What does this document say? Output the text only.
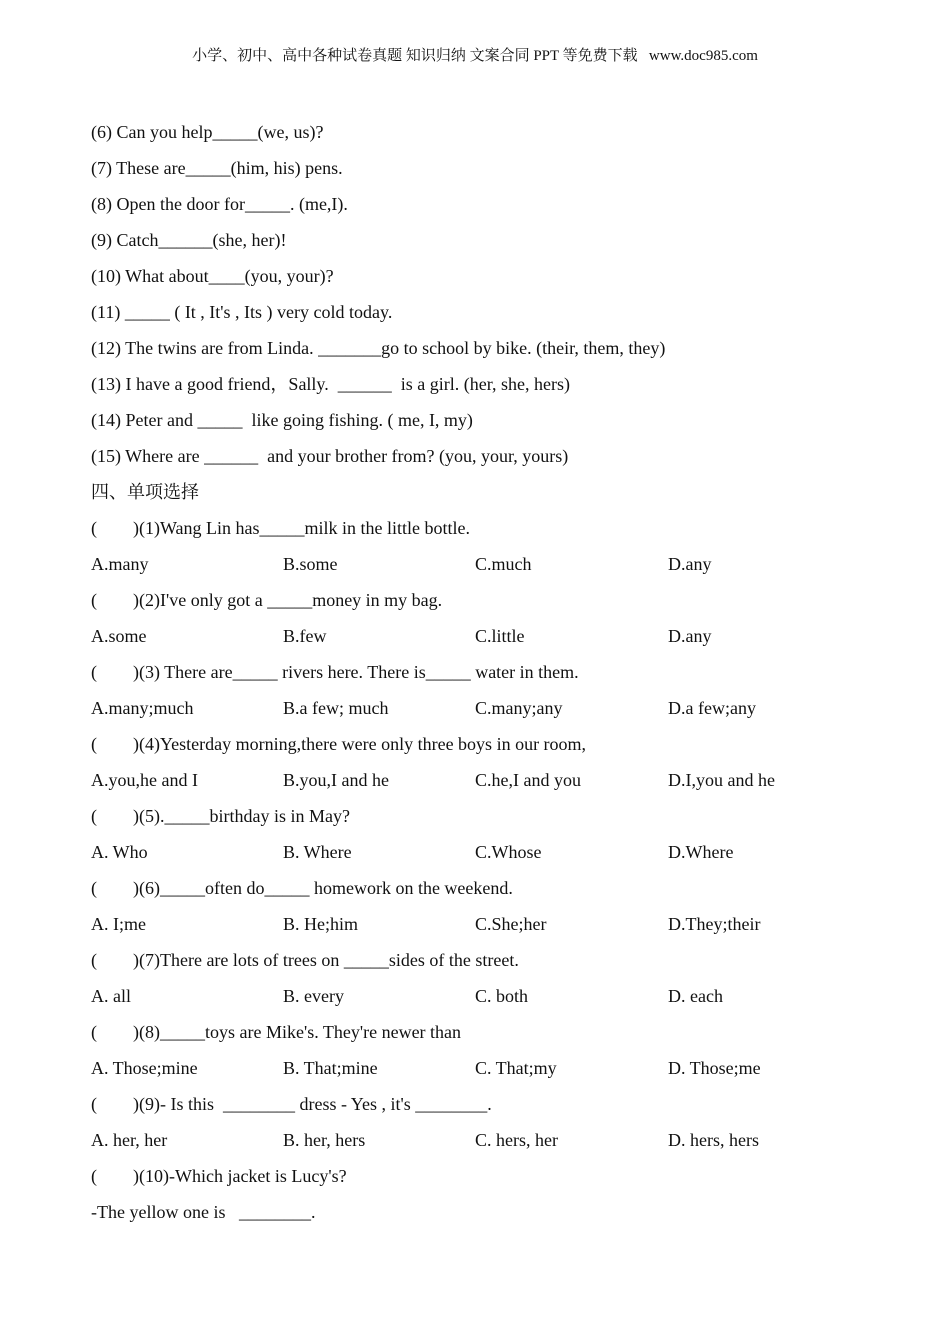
小学、初中、高中各种试卷真题 知识归纳 文案合同 PPT 等免费下载   www.doc985.com
(6) Can you help_____(we, us)?
(7) These are_____(him, his) pens.
(8) Open the door for_____. (me,I).
(9) Catch______(she, her)!
(10) What about____(you, your)?
(11) _____ ( It , It's , Its ) very cold today.
(12) The twins are from Linda. _______go to school by bike. (their, them, they)
(13) I have a good friend，Sally.  ______  is a girl. (her, she, hers)
(14) Peter and _____  like going fishing. ( me, I, my)
(15) Where are ______  and your brother from? (you, your, yours)
四、单项选择
(        )(1)Wang Lin has_____milk in the little bottle.
A.many	B.some	C.much	D.any
(        )(2)I've only got a _____money in my bag.
A.some	B.few	C.little	D.any
(        )(3) There are_____ rivers here. There is_____ water in them.
A.many;much	B.a few; much	C.many;any	D.a few;any
(        )(4)Yesterday morning,there were only three boys in our room,
A.you,he and I	B.you,I and he	C.he,I and you	D.I,you and he
(        )(5)._____birthday is in May?
A. Who	B. Where	C.Whose	D.Where
(        )(6)_____often do_____ homework on the weekend.
A. I;me	B. He;him	C.She;her	D.They;their
(        )(7)There are lots of trees on _____sides of the street.
A. all	B. every	C. both	D. each
(        )(8)_____toys are Mike's. They're newer than
A. Those;mine	B. That;mine	C. That;my	D. Those;me
(        )(9)- Is this  ________ dress - Yes , it's ________.
A. her, her	B. her, hers	C. hers, her	D. hers, hers
(        )(10)-Which jacket is Lucy's?
-The yellow one is   ________.
